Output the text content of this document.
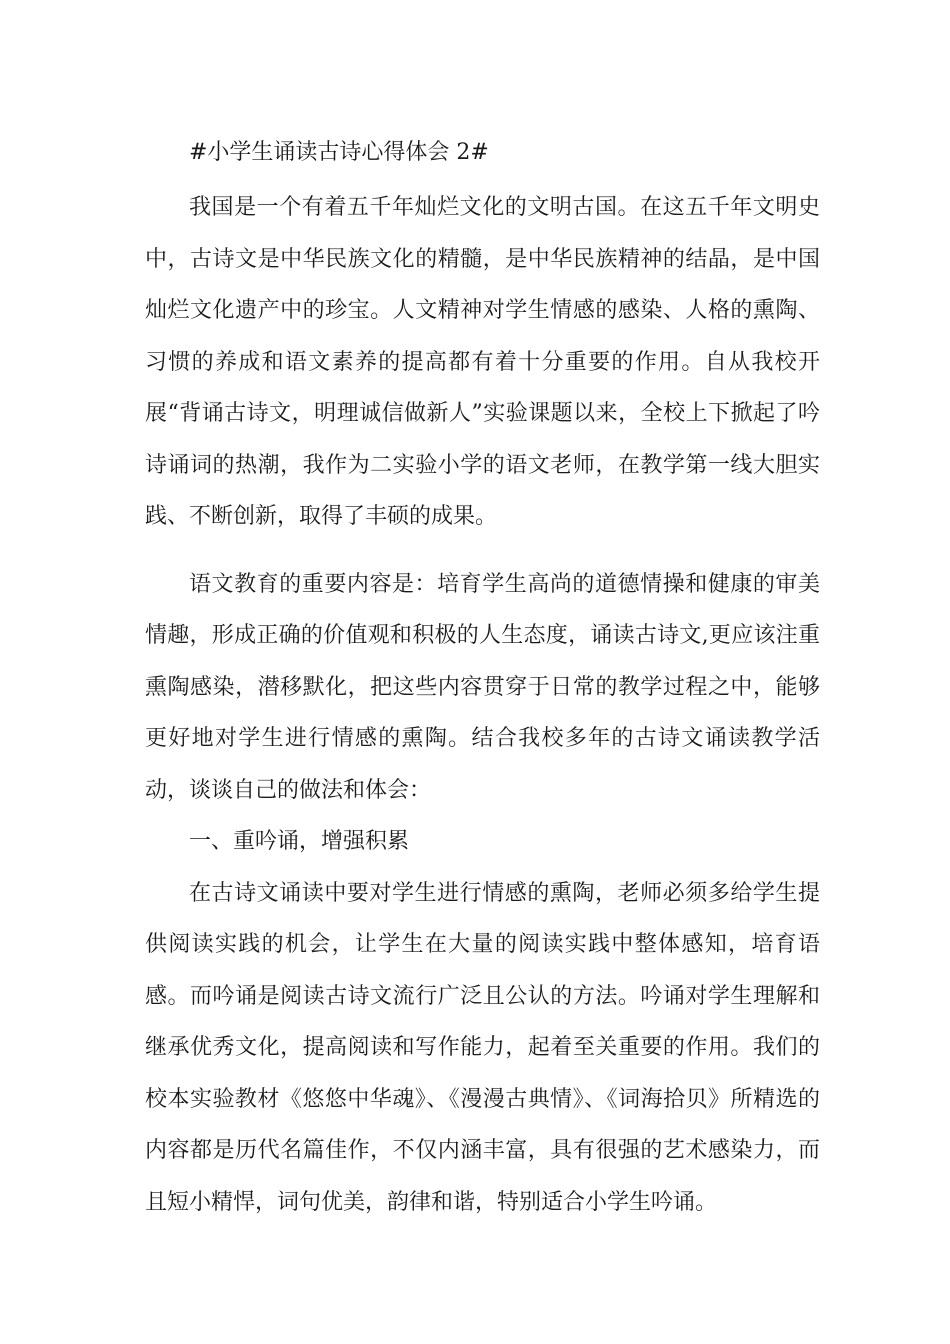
#小学生诵读古诗心得体会 2#

我国是一个有着五千年灿烂文化的文明古国。在这五千年文明史中，古诗文是中华民族文化的精髓，是中华民族精神的结晶，是中国灿烂文化遗产中的珍宝。人文精神对学生情感的感染、人格的熏陶、习惯的养成和语文素养的提高都有着十分重要的作用。自从我校开展“背诵古诗文，明理诚信做新人”实验课题以来，全校上下掀起了吟诗诵词的热潮，我作为二实验小学的语文老师，在教学第一线大胆实践、不断创新，取得了丰硕的成果。

语文教育的重要内容是：培育学生高尚的道德情操和健康的审美情趣，形成正确的价值观和积极的人生态度，诵读古诗文,更应该注重熏陶感染，潜移默化，把这些内容贯穿于日常的教学过程之中，能够更好地对学生进行情感的熏陶。结合我校多年的古诗文诵读教学活动，谈谈自己的做法和体会：

一、重吟诵，增强积累

在古诗文诵读中要对学生进行情感的熏陶，老师必须多给学生提供阅读实践的机会，让学生在大量的阅读实践中整体感知，培育语感。而吟诵是阅读古诗文流行广泛且公认的方法。吟诵对学生理解和继承优秀文化，提高阅读和写作能力，起着至关重要的作用。我们的校本实验教材《悠悠中华魂》、《漫漫古典情》、《词海拾贝》所精选的内容都是历代名篇佳作，不仅内涵丰富，具有很强的艺术感染力，而且短小精悍，词句优美，韵律和谐，特别适合小学生吟诵。
